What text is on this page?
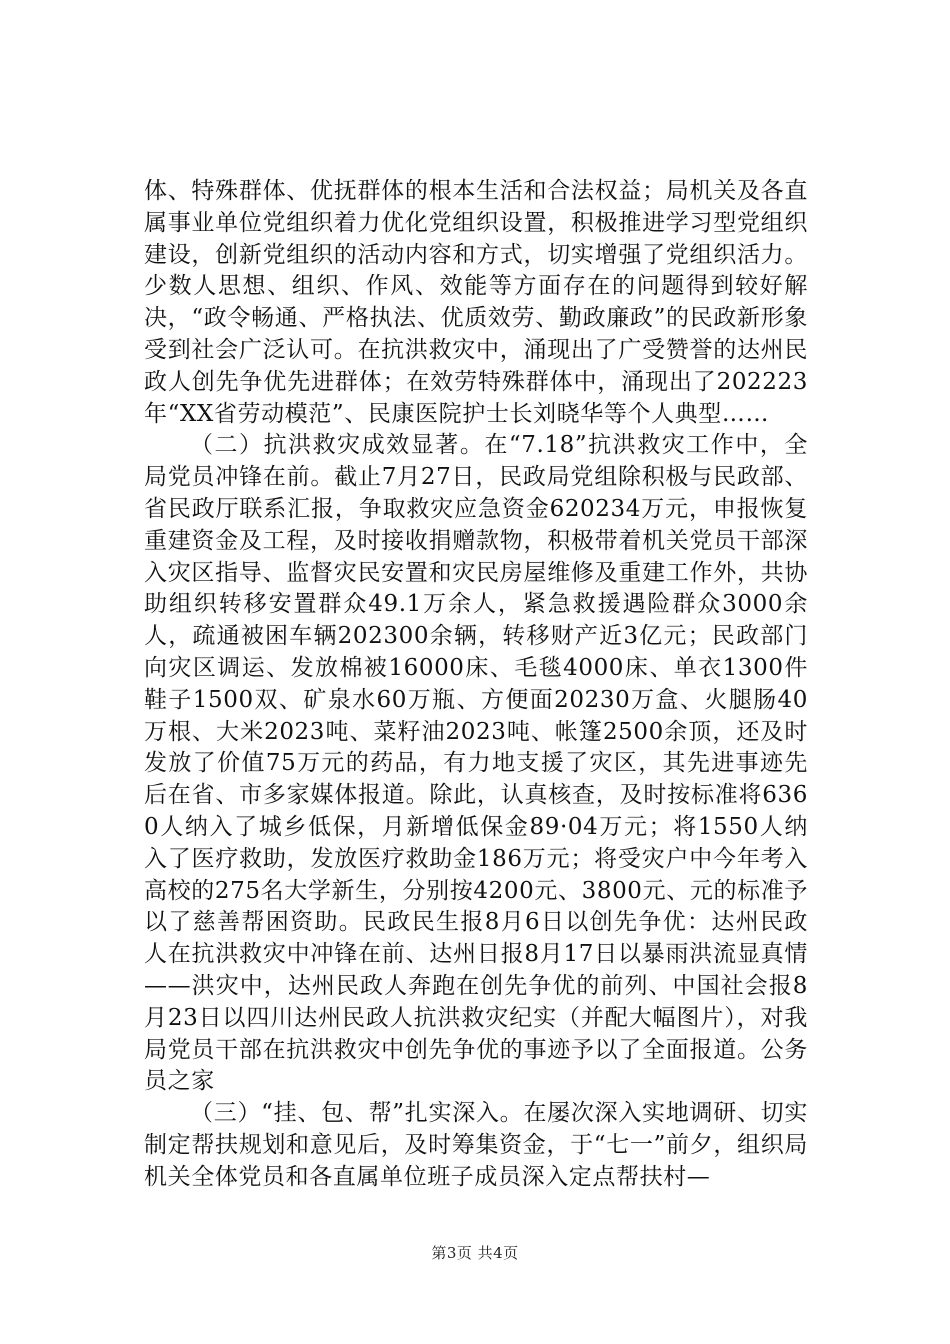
体、特殊群体、优抚群体的根本生活和合法权益；局机关及各直属事业单位党组织着力优化党组织设置，积极推进学习型党组织建设，创新党组织的活动内容和方式，切实增强了党组织活力。少数人思想、组织、作风、效能等方面存在的问题得到较好解决，“政令畅通、严格执法、优质效劳、勤政廉政”的民政新形象受到社会广泛认可。在抗洪救灾中，涌现出了广受赞誉的达州民政人创先争优先进群体；在效劳特殊群体中，涌现出了202223年“XX省劳动模范”、民康医院护士长刘晓华等个人典型……

（二）抗洪救灾成效显著。在“7.18”抗洪救灾工作中，全局党员冲锋在前。截止7月27日，民政局党组除积极与民政部、省民政厅联系汇报，争取救灾应急资金620234万元，申报恢复重建资金及工程，及时接收捐赠款物，积极带着机关党员干部深入灾区指导、监督灾民安置和灾民房屋维修及重建工作外，共协助组织转移安置群众49.1万余人，紧急救援遇险群众3000余人，疏通被困车辆202300余辆，转移财产近3亿元；民政部门向灾区调运、发放棉被16000床、毛毯4000床、单衣1300件鞋子1500双、矿泉水60万瓶、方便面20230万盒、火腿肠40万根、大米2023吨、菜籽油2023吨、帐篷2500余顶，还及时发放了价值75万元的药品，有力地支援了灾区，其先进事迹先后在省、市多家媒体报道。除此，认真核查，及时按标准将6360人纳入了城乡低保，月新增低保金89·04万元；将1550人纳入了医疗救助，发放医疗救助金186万元；将受灾户中今年考入高校的275名大学新生，分别按4200元、3800元、元的标准予以了慈善帮困资助。民政民生报8月6日以创先争优：达州民政人在抗洪救灾中冲锋在前、达州日报8月17日以暴雨洪流显真情——洪灾中，达州民政人奔跑在创先争优的前列、中国社会报8月23日以四川达州民政人抗洪救灾纪实（并配大幅图片），对我局党员干部在抗洪救灾中创先争优的事迹予以了全面报道。公务员之家

（三）“挂、包、帮”扎实深入。在屡次深入实地调研、切实制定帮扶规划和意见后，及时筹集资金，于“七一”前夕，组织局机关全体党员和各直属单位班子成员深入定点帮扶村—

第3页 共4页
